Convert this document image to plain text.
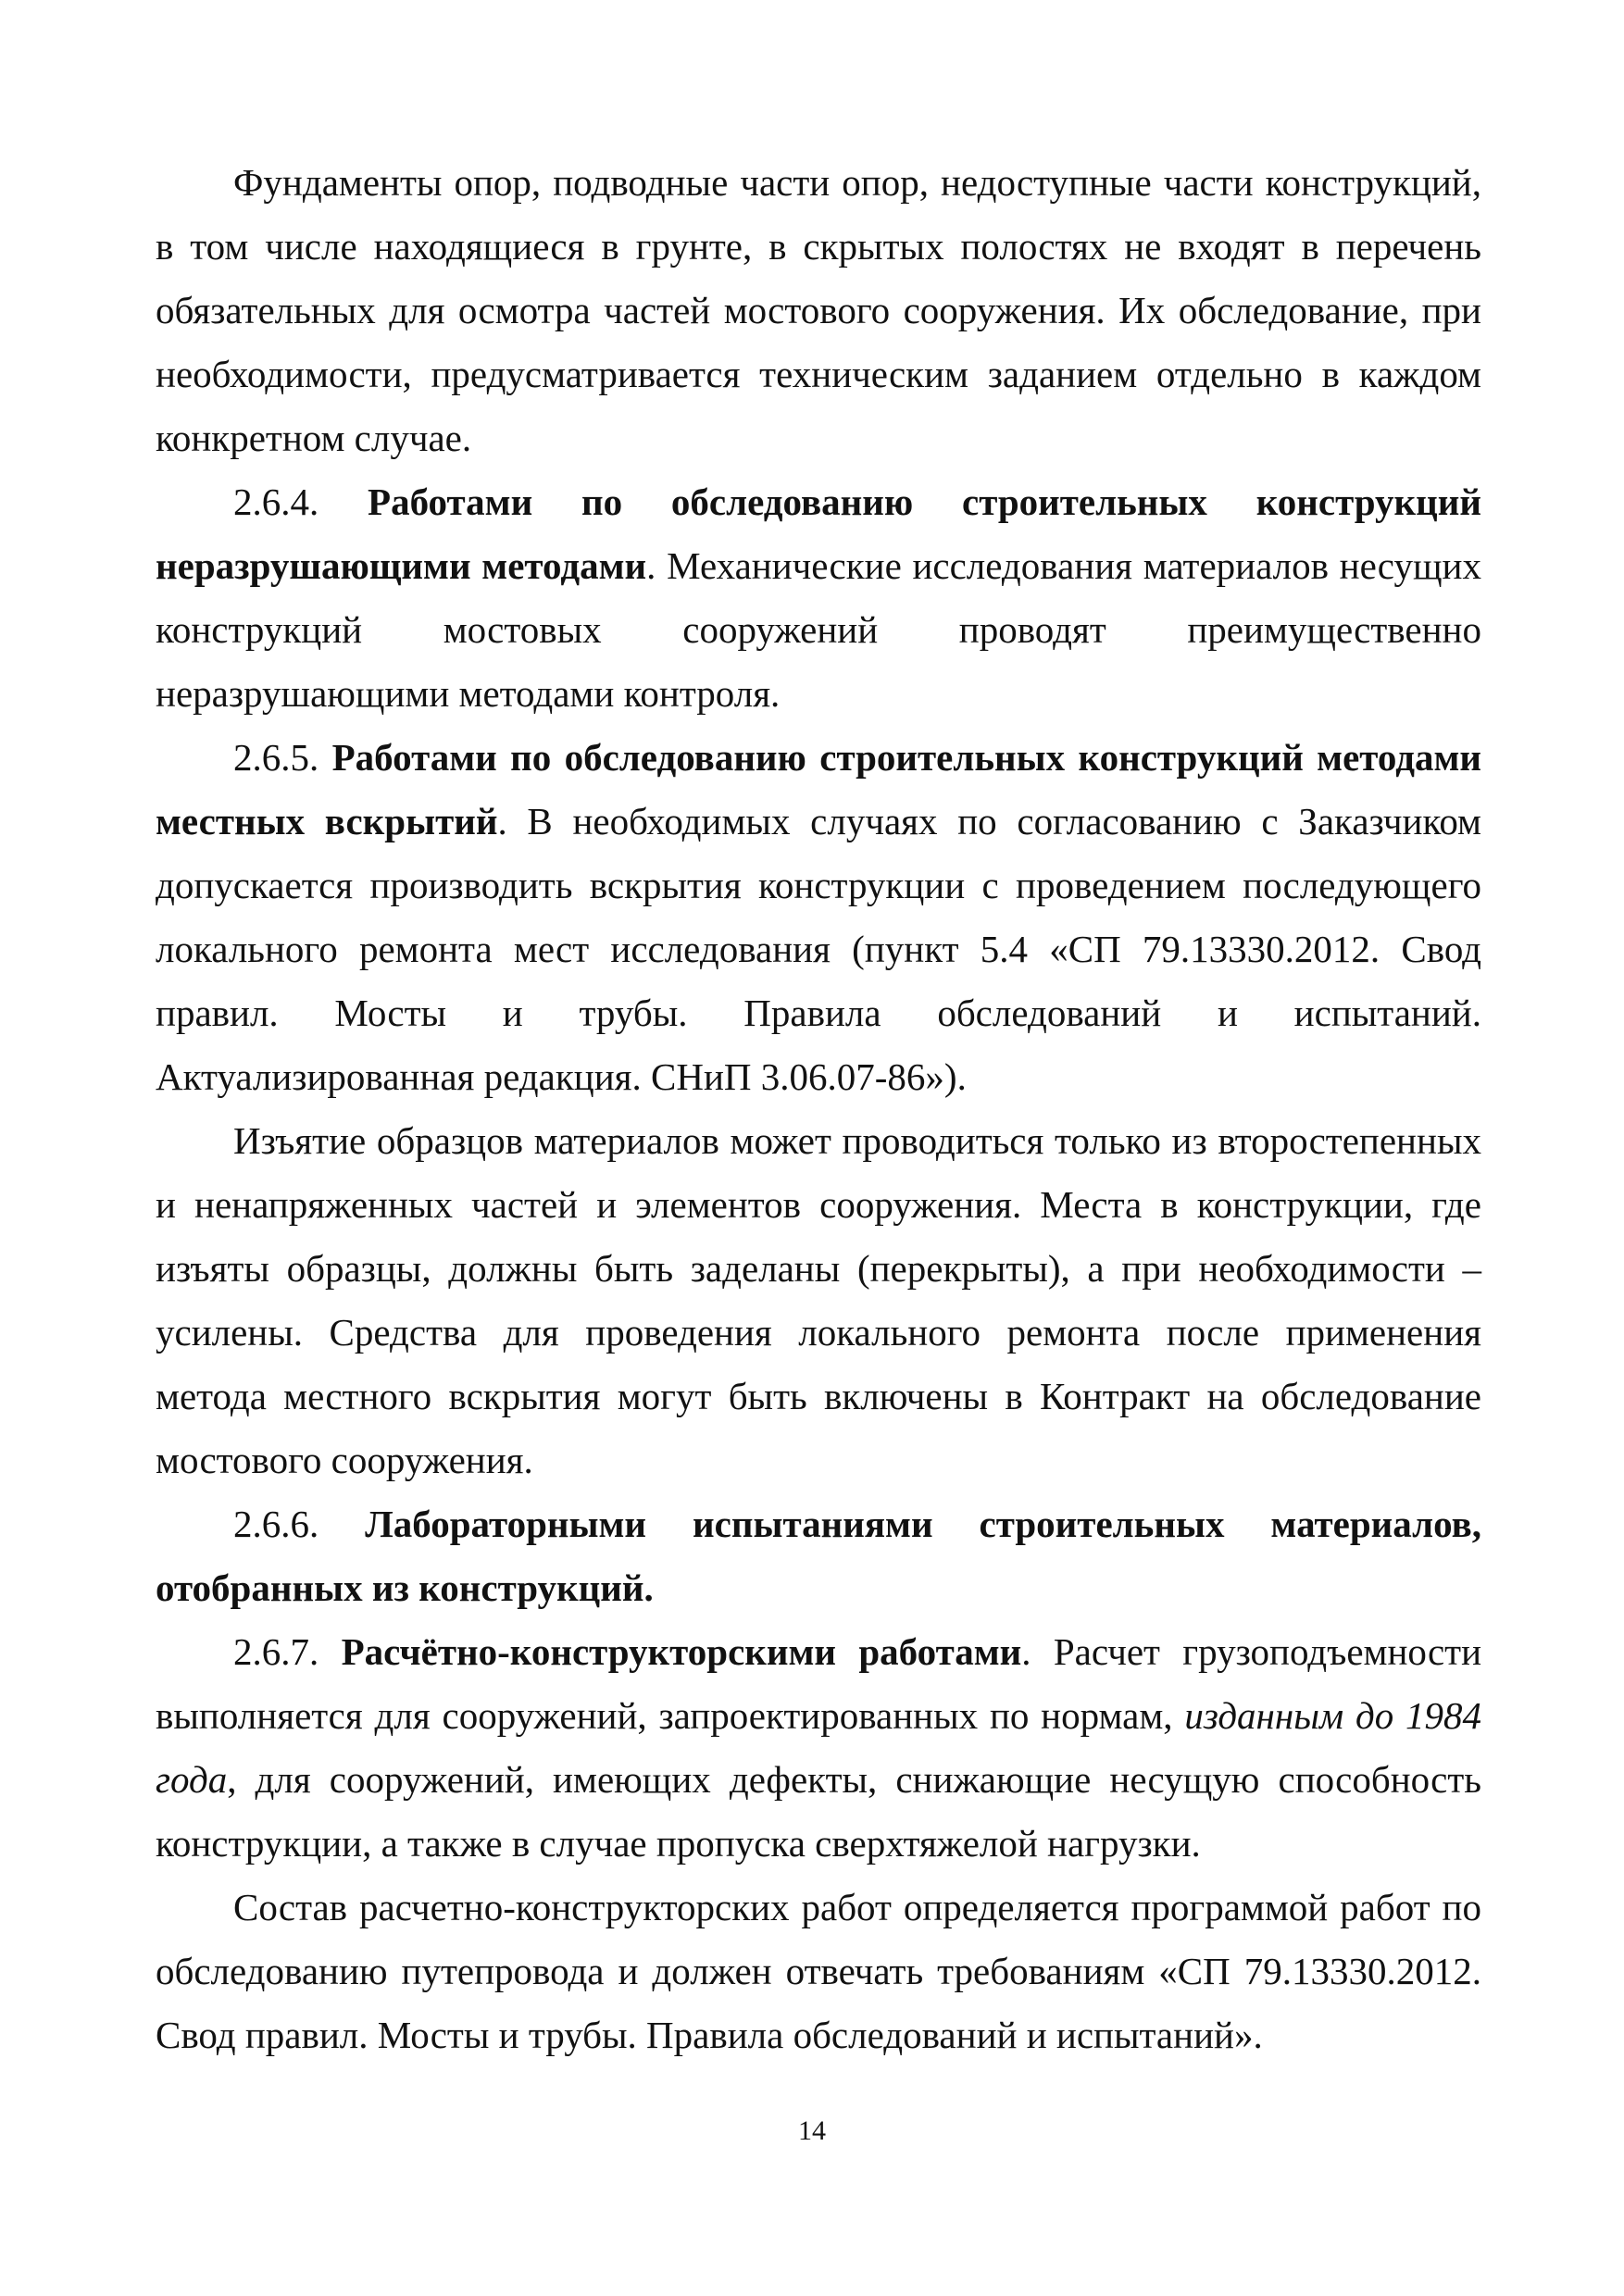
Фундаменты опор, подводные части опор, недоступные части конструкций, в том числе находящиеся в грунте, в скрытых полостях не входят в перечень обязательных для осмотра частей мостового сооружения. Их обследование, при необходимости, предусматривается техническим заданием отдельно в каждом конкретном случае.

2.6.4. Работами по обследованию строительных конструкций неразрушающими методами. Механические исследования материалов несущих конструкций мостовых сооружений проводят преимущественно неразрушающими методами контроля.

2.6.5. Работами по обследованию строительных конструкций методами местных вскрытий. В необходимых случаях по согласованию с Заказчиком допускается производить вскрытия конструкции с проведением последующего локального ремонта мест исследования (пункт 5.4 «СП 79.13330.2012. Свод правил. Мосты и трубы. Правила обследований и испытаний. Актуализированная редакция. СНиП 3.06.07-86»).

Изъятие образцов материалов может проводиться только из второстепенных и ненапряженных частей и элементов сооружения. Места в конструкции, где изъяты образцы, должны быть заделаны (перекрыты), а при необходимости – усилены. Средства для проведения локального ремонта после применения метода местного вскрытия могут быть включены в Контракт на обследование мостового сооружения.

2.6.6. Лабораторными испытаниями строительных материалов, отобранных из конструкций.

2.6.7. Расчётно-конструкторскими работами. Расчет грузоподъемности выполняется для сооружений, запроектированных по нормам, изданным до 1984 года, для сооружений, имеющих дефекты, снижающие несущую способность конструкции, а также в случае пропуска сверхтяжелой нагрузки.

Состав расчетно-конструкторских работ определяется программой работ по обследованию путепровода и должен отвечать требованиям «СП 79.13330.2012. Свод правил. Мосты и трубы. Правила обследований и испытаний».

14
